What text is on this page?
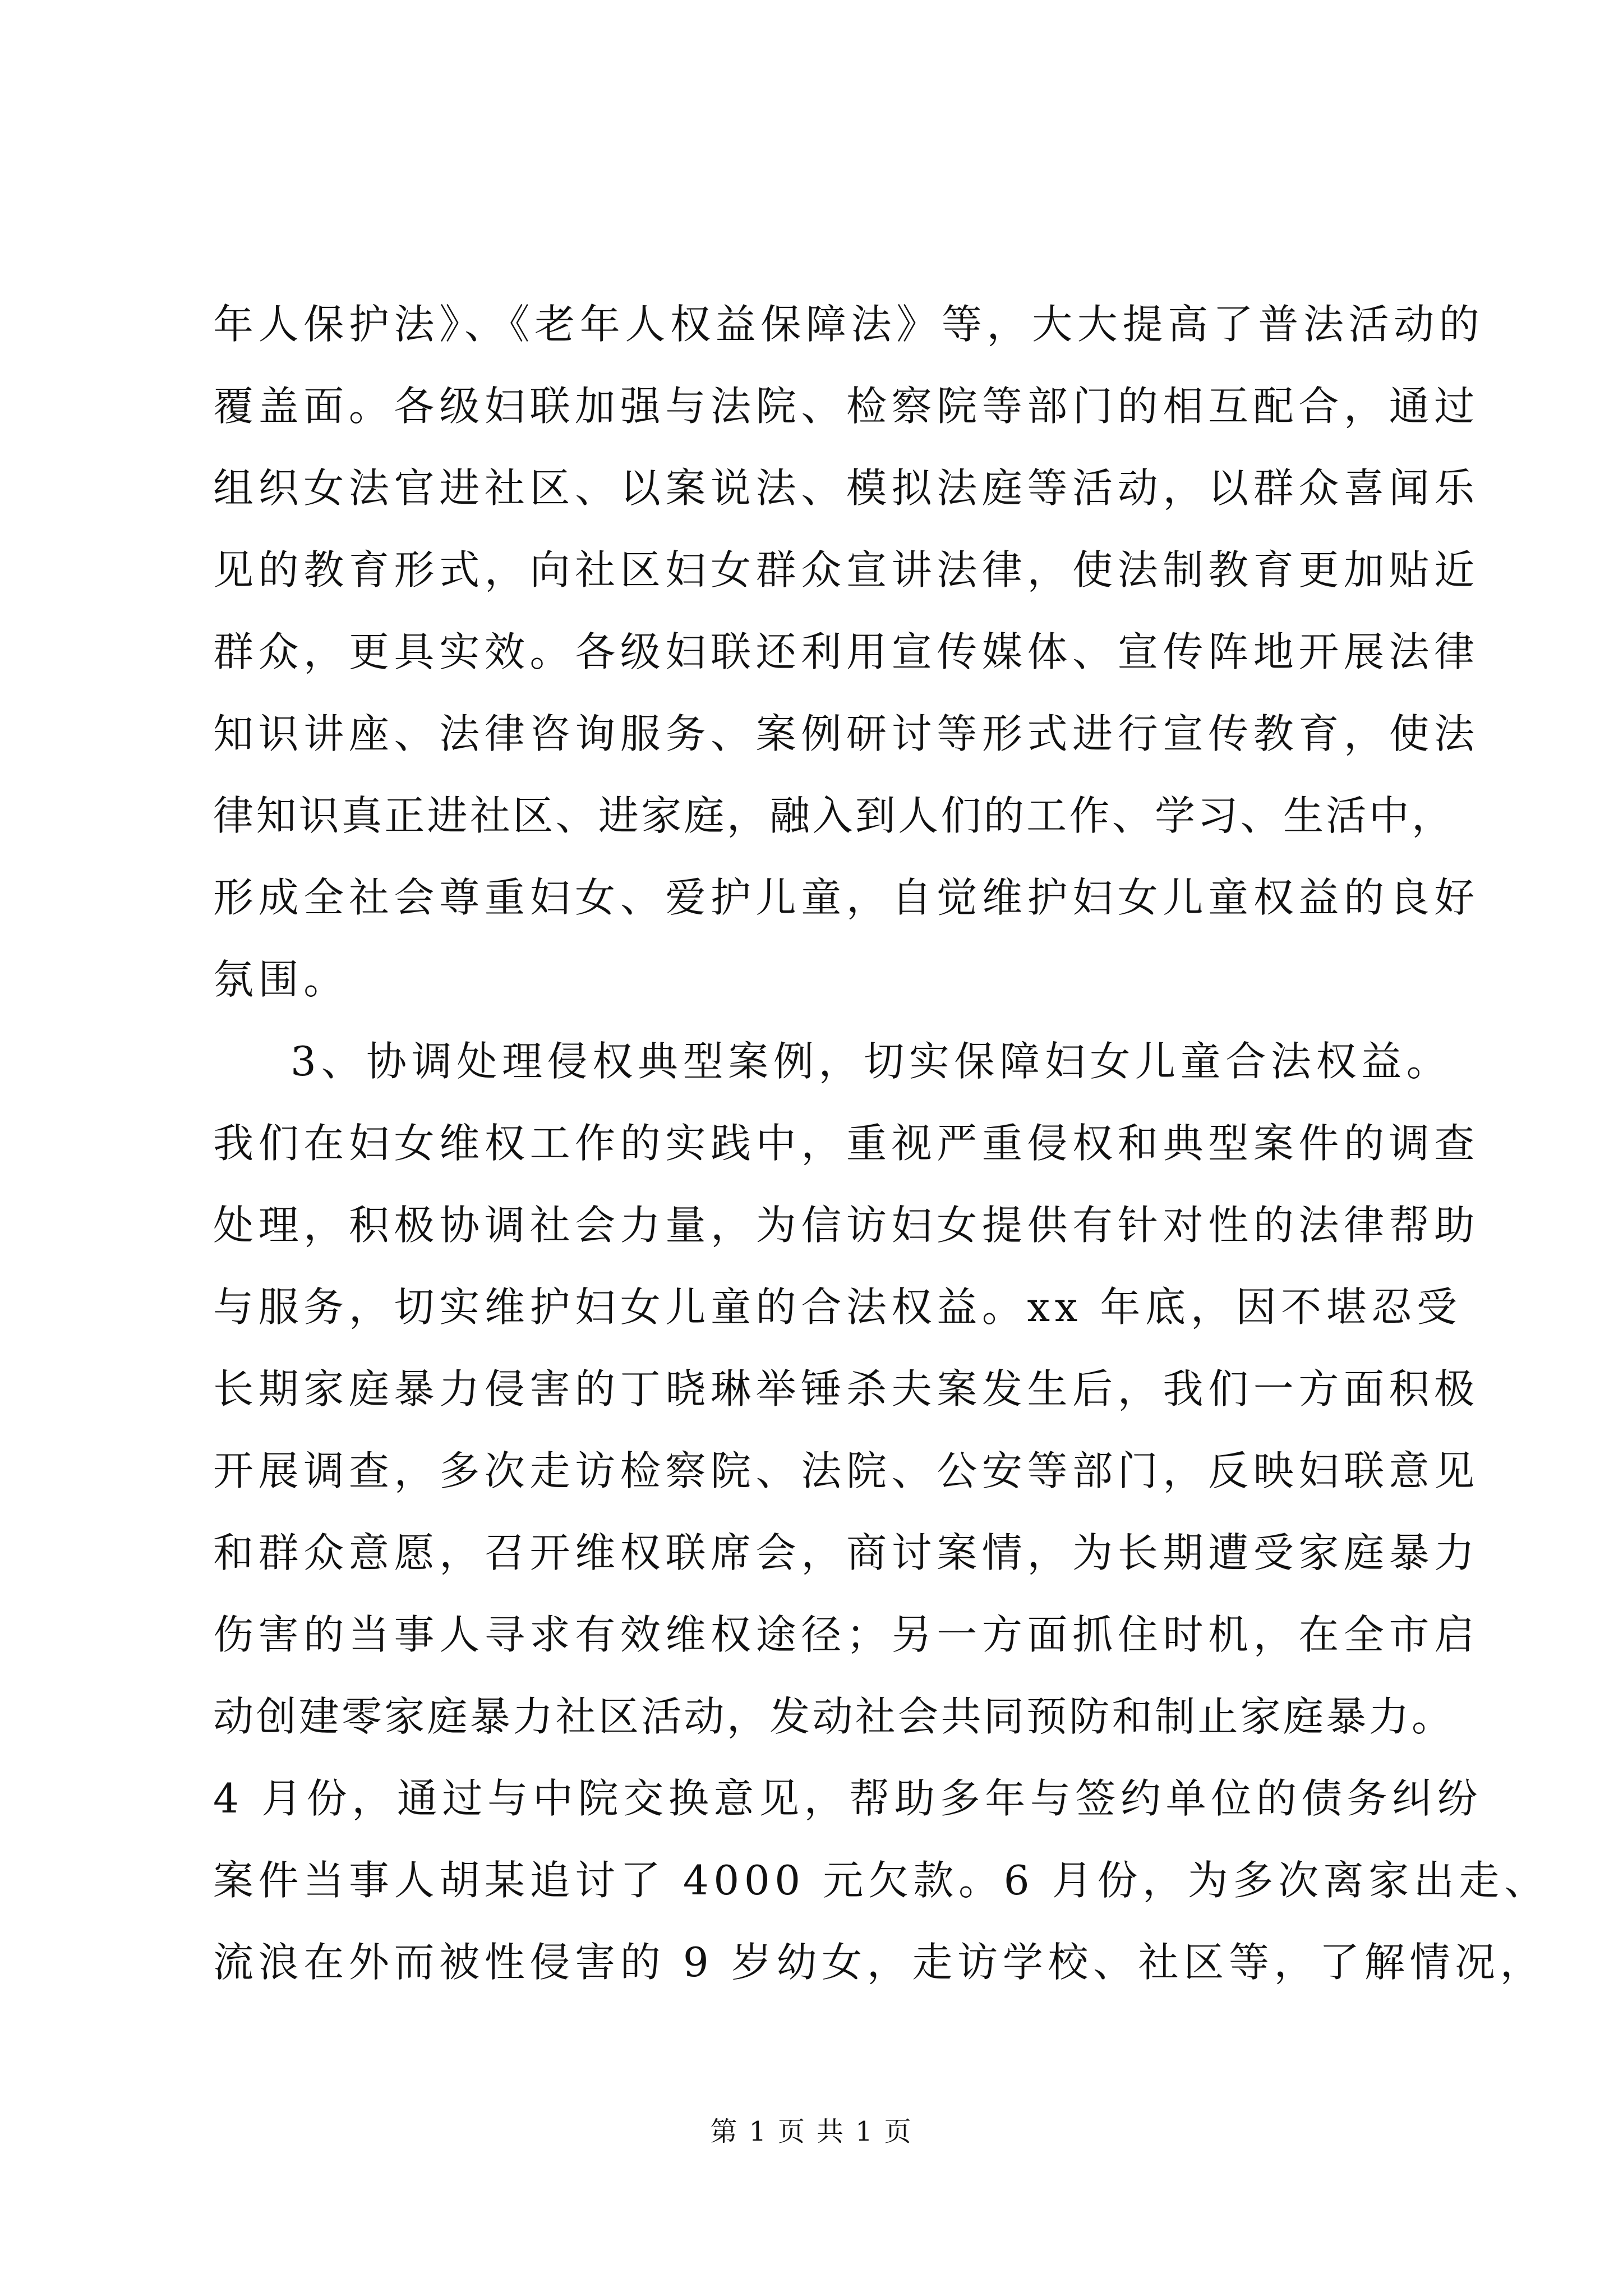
年人保护法》、《老年人权益保障法》等，大大提高了普法活动的
覆盖面。各级妇联加强与法院、检察院等部门的相互配合，通过
组织女法官进社区、以案说法、模拟法庭等活动，以群众喜闻乐
见的教育形式，向社区妇女群众宣讲法律，使法制教育更加贴近
群众，更具实效。各级妇联还利用宣传媒体、宣传阵地开展法律
知识讲座、法律咨询服务、案例研讨等形式进行宣传教育，使法
律知识真正进社区、进家庭，融入到人们的工作、学习、生活中，
形成全社会尊重妇女、爱护儿童，自觉维护妇女儿童权益的良好
氛围。
3、协调处理侵权典型案例，切实保障妇女儿童合法权益。
我们在妇女维权工作的实践中，重视严重侵权和典型案件的调查
处理，积极协调社会力量，为信访妇女提供有针对性的法律帮助
与服务，切实维护妇女儿童的合法权益。xx 年底，因不堪忍受
长期家庭暴力侵害的丁晓琳举锤杀夫案发生后，我们一方面积极
开展调查，多次走访检察院、法院、公安等部门，反映妇联意见
和群众意愿，召开维权联席会，商讨案情，为长期遭受家庭暴力
伤害的当事人寻求有效维权途径；另一方面抓住时机，在全市启
动创建零家庭暴力社区活动，发动社会共同预防和制止家庭暴力。
4 月份，通过与中院交换意见，帮助多年与签约单位的债务纠纷
案件当事人胡某追讨了 4000 元欠款。6 月份，为多次离家出走、
流浪在外而被性侵害的 9 岁幼女，走访学校、社区等，了解情况，
第 1 页 共 1 页
